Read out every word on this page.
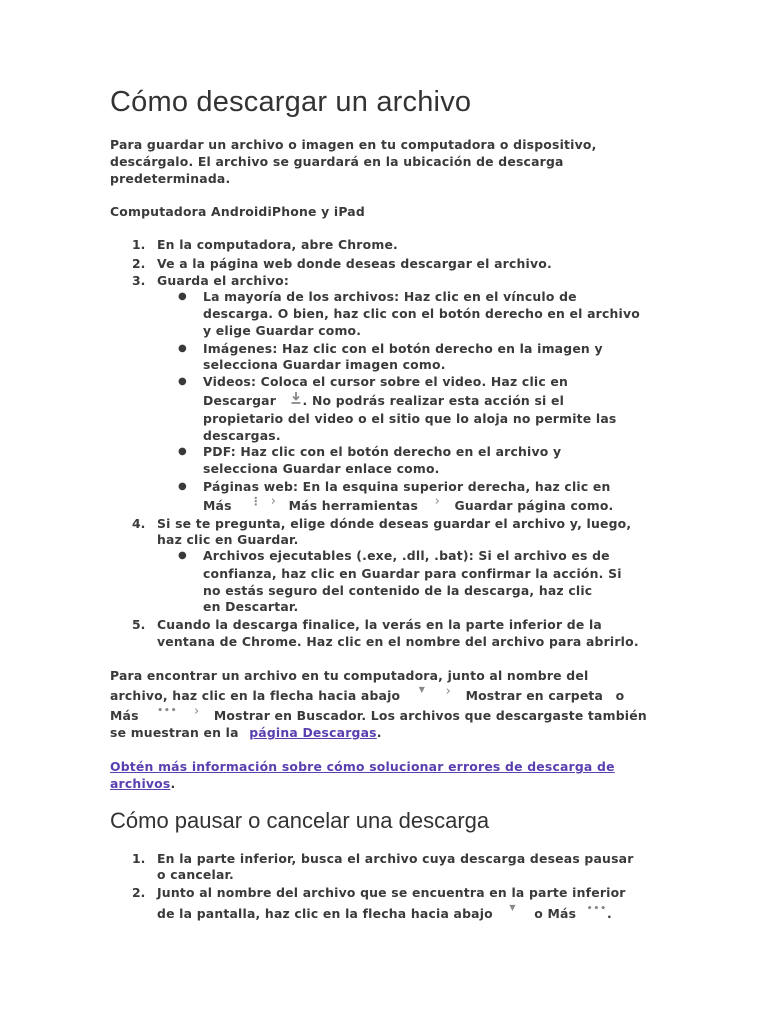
Cómo descargar un archivo
Para guardar un archivo o imagen en tu computadora o dispositivo,
descárgalo. El archivo se guardará en la ubicación de descarga
predeterminada.
Computadora AndroidiPhone y iPad
1. En la computadora, abre Chrome.
2. Ve a la página web donde deseas descargar el archivo.
3. Guarda el archivo:
● La mayoría de los archivos: Haz clic en el vínculo de
descarga. O bien, haz clic con el botón derecho en el archivo
y elige Guardar como.
● Imágenes: Haz clic con el botón derecho en la imagen y
selecciona Guardar imagen como.
● Videos: Coloca el cursor sobre el video. Haz clic en
Descargar . No podrás realizar esta acción si el
propietario del video o el sitio que lo aloja no permite las
descargas.
● PDF: Haz clic con el botón derecho en el archivo y
selecciona Guardar enlace como.
● Páginas web: En la esquina superior derecha, haz clic en
Más ⋮ › Más herramientas › Guardar página como.
4. Si se te pregunta, elige dónde deseas guardar el archivo y, luego,
haz clic en Guardar.
● Archivos ejecutables (.exe, .dll, .bat): Si el archivo es de
confianza, haz clic en Guardar para confirmar la acción. Si
no estás seguro del contenido de la descarga, haz clic
en Descartar.
5. Cuando la descarga finalice, la verás en la parte inferior de la
ventana de Chrome. Haz clic en el nombre del archivo para abrirlo.
Para encontrar un archivo en tu computadora, junto al nombre del
archivo, haz clic en la flecha hacia abajo ▼ › Mostrar en carpeta o
Más ••• › Mostrar en Buscador. Los archivos que descargaste también
se muestran en la página Descargas.
Obtén más información sobre cómo solucionar errores de descarga de
archivos.
Cómo pausar o cancelar una descarga
1. En la parte inferior, busca el archivo cuya descarga deseas pausar
o cancelar.
2. Junto al nombre del archivo que se encuentra en la parte inferior
de la pantalla, haz clic en la flecha hacia abajo ▼ o Más •••.
